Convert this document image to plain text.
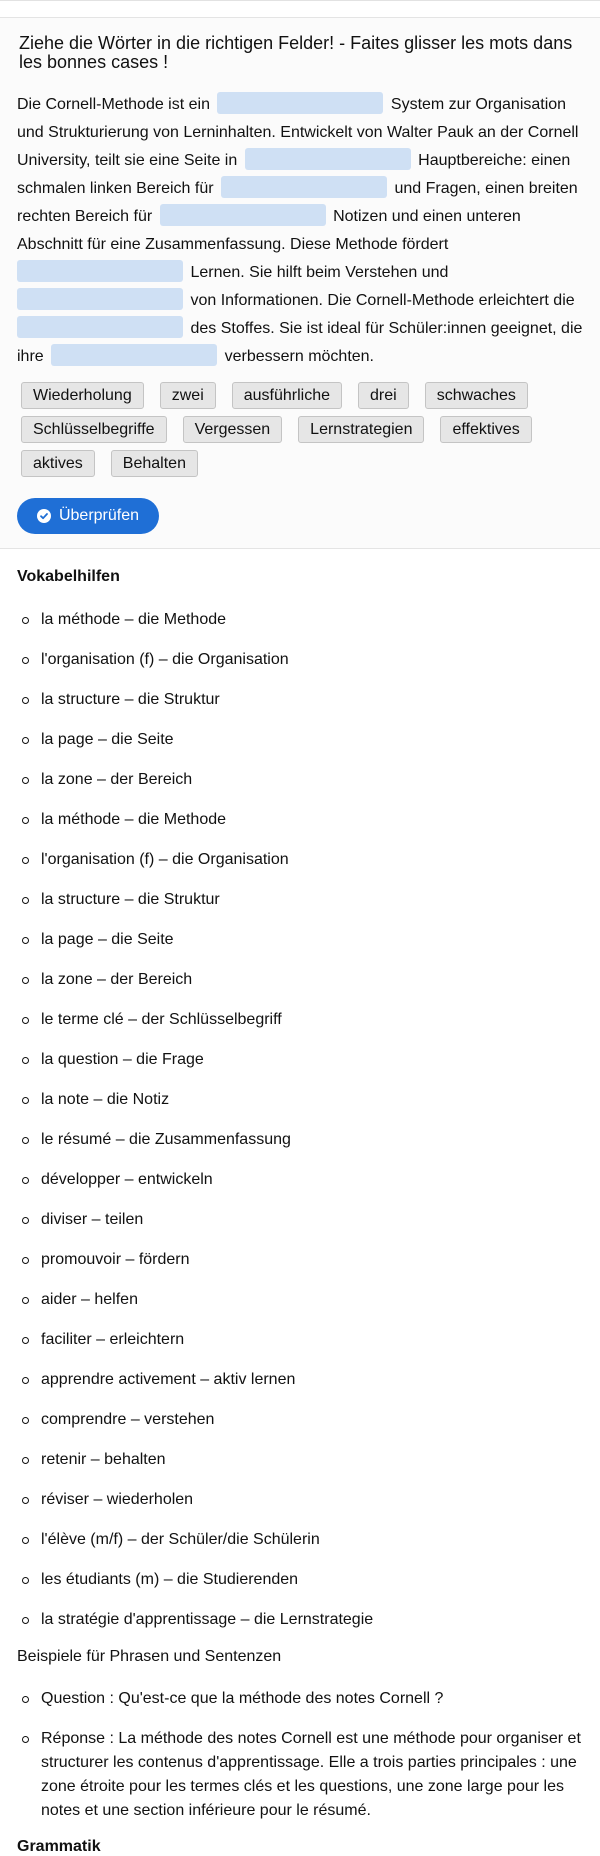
Ziehe die Wörter in die richtigen Felder! - Faites glisser les mots dans les bonnes cases !

Die Cornell-Methode ist ein	System zur Organisation und Strukturierung von Lerninhalten. Entwickelt von Walter Pauk an der Cornell University, teilt sie eine Seite in	Hauptbereiche: einen schmalen linken Bereich für	und Fragen, einen breiten rechten Bereich für	Notizen und einen unteren Abschnitt für eine Zusammenfassung. Diese Methode fördert  Lernen. Sie hilft beim Verstehen und  von Informationen. Die Cornell-Methode erleichtert die  des Stoffes. Sie ist ideal für Schüler:innen geeignet, die ihre	verbessern möchten.

Wiederholung	zwei	ausführliche	drei	schwaches
Schlüsselbegriffe	Vergessen	Lernstrategien	effektives
aktives	Behalten
Überprüfen
Vokabelhilfen
la méthode – die Methode
l'organisation (f) – die Organisation
la structure – die Struktur
la page – die Seite
la zone – der Bereich
la méthode – die Methode
l'organisation (f) – die Organisation
la structure – die Struktur
la page – die Seite
la zone – der Bereich
le terme clé – der Schlüsselbegriff
la question – die Frage
la note – die Notiz
le résumé – die Zusammenfassung
développer – entwickeln
diviser – teilen
promouvoir – fördern
aider – helfen
faciliter – erleichtern
apprendre activement – aktiv lernen
comprendre – verstehen
retenir – behalten
réviser – wiederholen
l'élève (m/f) – der Schüler/die Schülerin
les étudiants (m) – die Studierenden
la stratégie d'apprentissage – die Lernstrategie
Beispiele für Phrasen und Sentenzen
Question : Qu'est-ce que la méthode des notes Cornell ?
Réponse : La méthode des notes Cornell est une méthode pour organiser et structurer les contenus d'apprentissage. Elle a trois parties principales : une zone étroite pour les termes clés et les questions, une zone large pour les notes et une section inférieure pour le résumé.
Grammatik
